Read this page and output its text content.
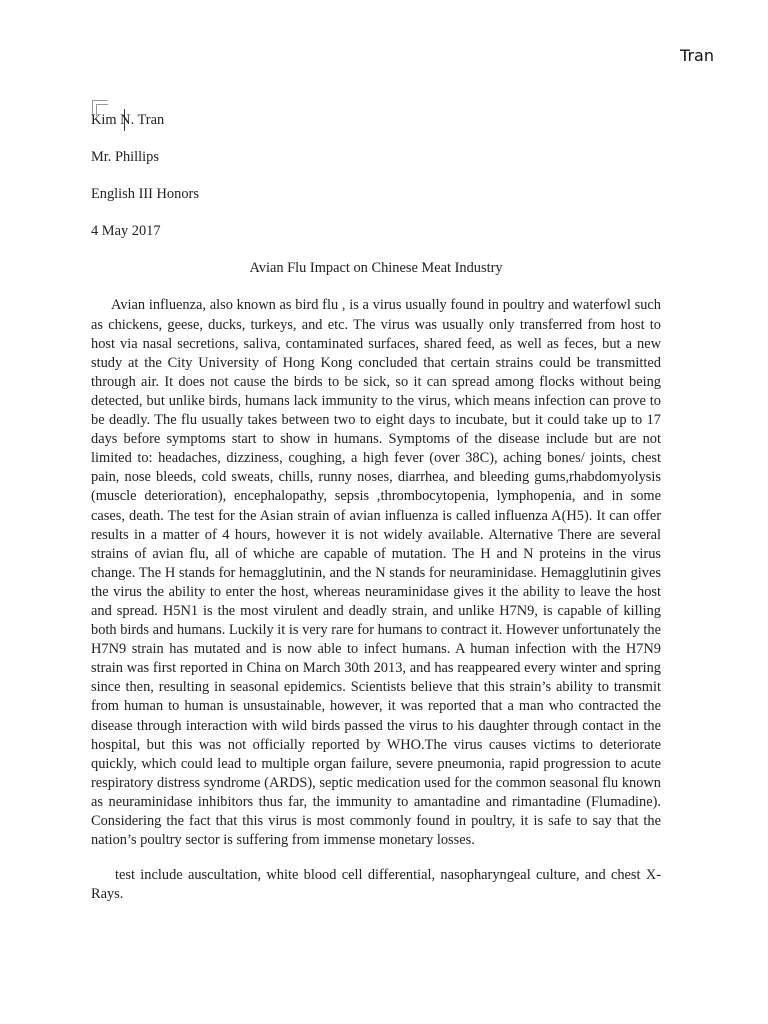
Tran

Kim N. Tran

Mr. Phillips

English III Honors

4 May 2017

Avian Flu Impact on Chinese Meat Industry

Avian influenza, also known as bird flu , is a virus usually found in poultry and waterfowl such as chickens, geese, ducks, turkeys, and etc. The virus was usually only transferred from host to host via nasal secretions, saliva, contaminated surfaces, shared feed, as well as feces, but a new study at the City University of Hong Kong concluded that certain strains could be transmitted through air. It does not cause the birds to be sick, so it can spread among flocks without being detected, but unlike birds, humans lack immunity to the virus, which means infection can prove to be deadly. The flu usually takes between two to eight days to incubate, but it could take up to 17 days before symptoms start to show in humans. Symptoms of the disease include but are not limited to: headaches, dizziness, coughing, a high fever (over 38C), aching bones/ joints, chest pain, nose bleeds, cold sweats, chills, runny noses, diarrhea, and bleeding gums,rhabdomyolysis (muscle deterioration), encephalopathy, sepsis ,thrombocytopenia, lymphopenia, and in some cases, death. The test for the Asian strain of avian influenza is called influenza A(H5). It can offer results in a matter of 4 hours, however it is not widely available. Alternative There are several strains of avian flu, all of whiche are capable of mutation. The H and N proteins in the virus change. The H stands for hemagglutinin, and the N stands for neuraminidase. Hemagglutinin gives the virus the ability to enter the host, whereas neuraminidase gives it the ability to leave the host and spread. H5N1 is the most virulent and deadly strain, and unlike H7N9, is capable of killing both birds and humans. Luckily it is very rare for humans to contract it. However unfortunately the H7N9 strain has mutated and is now able to infect humans. A human infection with the H7N9 strain was first reported in China on March 30th 2013, and has reappeared every winter and spring since then, resulting in seasonal epidemics. Scientists believe that this strain’s ability to transmit from human to human is unsustainable, however, it was reported that a man who contracted the disease through interaction with wild birds passed the virus to his daughter through contact in the hospital, but this was not officially reported by WHO.The virus causes victims to deteriorate quickly, which could lead to multiple organ failure, severe pneumonia, rapid progression to acute respiratory distress syndrome (ARDS), septic medication used for the common seasonal flu known as neuraminidase inhibitors thus far, the immunity to amantadine and rimantadine (Flumadine). Considering the fact that this virus is most commonly found in poultry, it is safe to say that the nation’s poultry sector is suffering from immense monetary losses.

test include auscultation, white blood cell differential, nasopharyngeal culture, and chest X-Rays.
